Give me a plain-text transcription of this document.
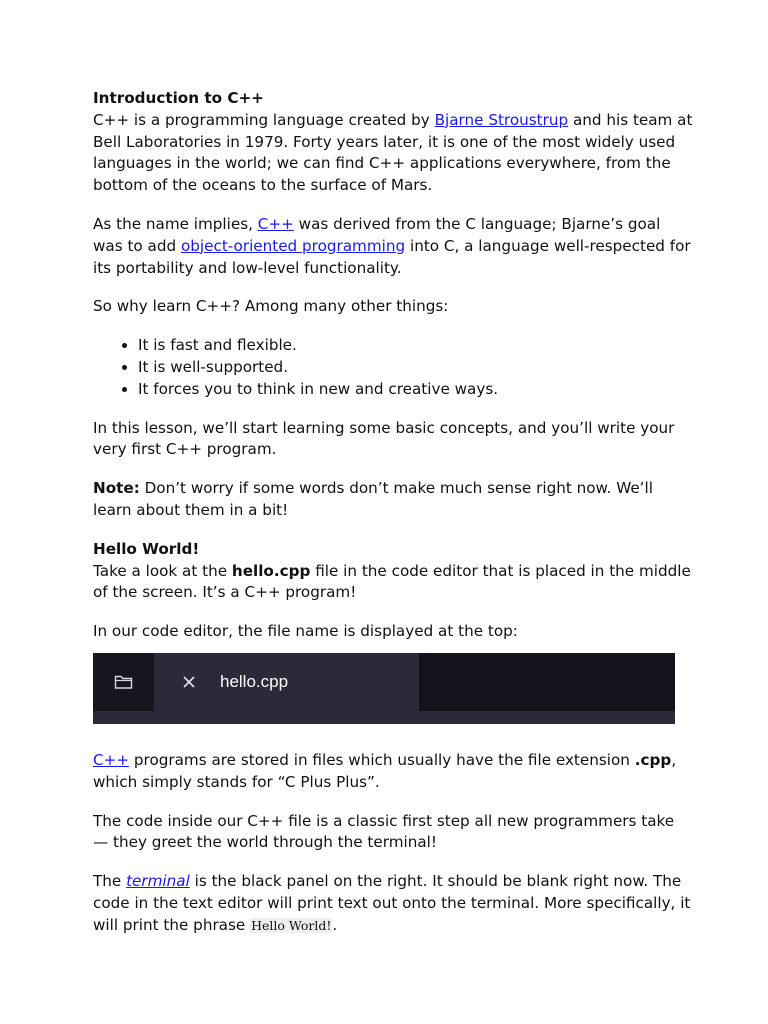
Introduction to C++
C++ is a programming language created by Bjarne Stroustrup and his team at Bell Laboratories in 1979. Forty years later, it is one of the most widely used languages in the world; we can find C++ applications everywhere, from the bottom of the oceans to the surface of Mars.

As the name implies, C++ was derived from the C language; Bjarne’s goal was to add object-oriented programming into C, a language well-respected for its portability and low-level functionality.

So why learn C++? Among many other things:

• It is fast and flexible.
• It is well-supported.
• It forces you to think in new and creative ways.

In this lesson, we’ll start learning some basic concepts, and you’ll write your very first C++ program.

Note: Don’t worry if some words don’t make much sense right now. We’ll learn about them in a bit!

Hello World!
Take a look at the hello.cpp file in the code editor that is placed in the middle of the screen. It’s a C++ program!

In our code editor, the file name is displayed at the top:

hello.cpp

C++ programs are stored in files which usually have the file extension .cpp, which simply stands for “C Plus Plus”.

The code inside our C++ file is a classic first step all new programmers take — they greet the world through the terminal!

The terminal is the black panel on the right. It should be blank right now. The code in the text editor will print text out onto the terminal. More specifically, it will print the phrase Hello World!.
